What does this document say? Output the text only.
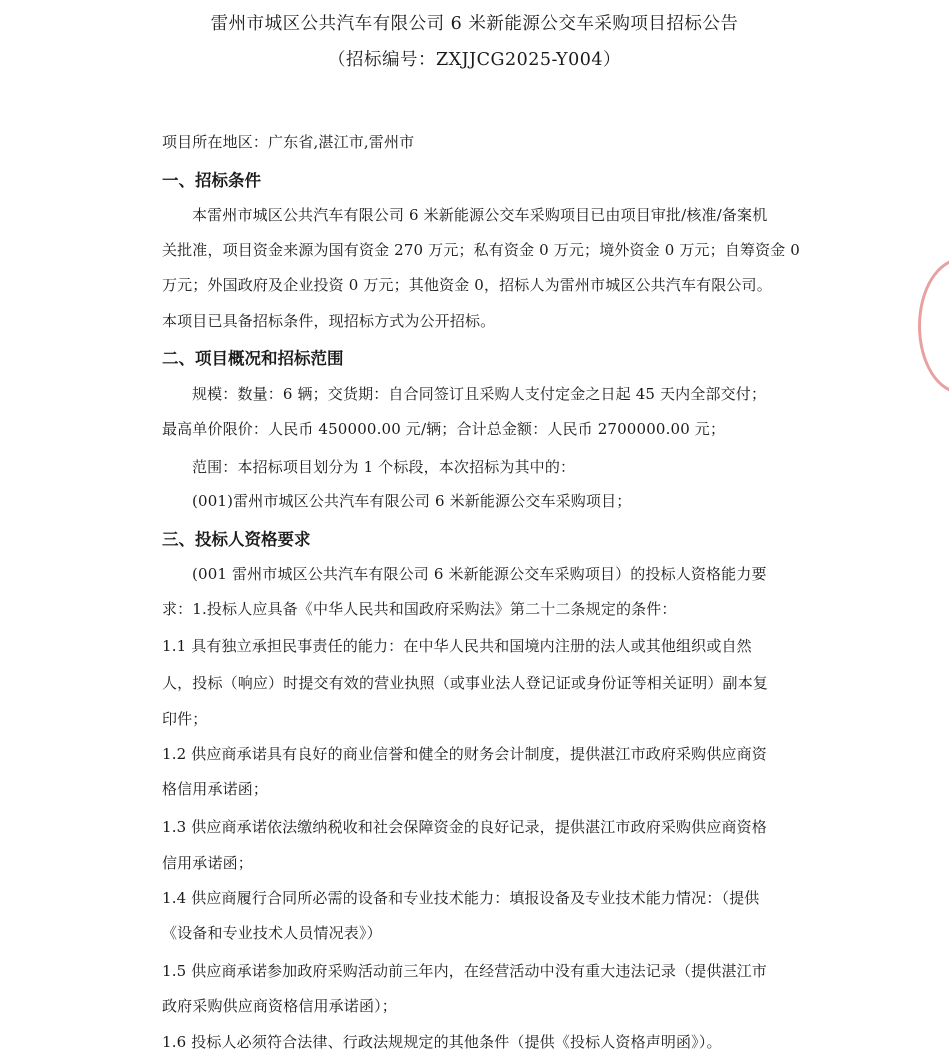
雷州市城区公共汽车有限公司 6 米新能源公交车采购项目招标公告
（招标编号：ZXJJCG2025-Y004）
项目所在地区：广东省,湛江市,雷州市
一、招标条件
本雷州市城区公共汽车有限公司 6 米新能源公交车采购项目已由项目审批/核准/备案机
关批准，项目资金来源为国有资金 270 万元；私有资金 0 万元；境外资金 0 万元；自筹资金 0
万元；外国政府及企业投资 0 万元；其他资金 0，招标人为雷州市城区公共汽车有限公司。
本项目已具备招标条件，现招标方式为公开招标。
二、项目概况和招标范围
规模：数量：6 辆；交货期：自合同签订且采购人支付定金之日起 45 天内全部交付；
最高单价限价：人民币 450000.00 元/辆；合计总金额：人民币 2700000.00 元；
范围：本招标项目划分为 1 个标段，本次招标为其中的：
(001)雷州市城区公共汽车有限公司 6 米新能源公交车采购项目；
三、投标人资格要求
(001 雷州市城区公共汽车有限公司 6 米新能源公交车采购项目）的投标人资格能力要
求：1.投标人应具备《中华人民共和国政府采购法》第二十二条规定的条件：
1.1 具有独立承担民事责任的能力：在中华人民共和国境内注册的法人或其他组织或自然
人，投标（响应）时提交有效的营业执照（或事业法人登记证或身份证等相关证明）副本复
印件；
1.2 供应商承诺具有良好的商业信誉和健全的财务会计制度，提供湛江市政府采购供应商资
格信用承诺函；
1.3 供应商承诺依法缴纳税收和社会保障资金的良好记录，提供湛江市政府采购供应商资格
信用承诺函；
1.4 供应商履行合同所必需的设备和专业技术能力：填报设备及专业技术能力情况：（提供
《设备和专业技术人员情况表》）
1.5 供应商承诺参加政府采购活动前三年内，在经营活动中没有重大违法记录（提供湛江市
政府采购供应商资格信用承诺函）；
1.6 投标人必须符合法律、行政法规规定的其他条件（提供《投标人资格声明函》）。
